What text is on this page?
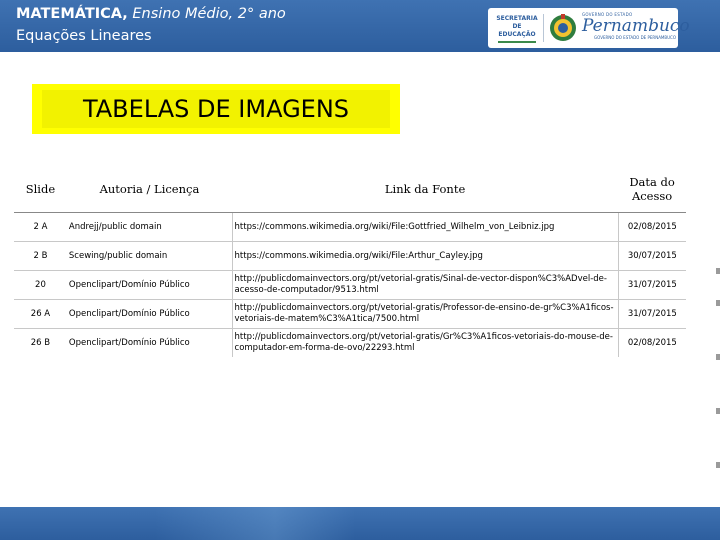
MATEMÁTICA, Ensino Médio, 2° ano
Equações Lineares
SECRETARIA
DE EDUCAÇÃO
GOVERNO DO ESTADO
Pernambuco
GOVERNO DO ESTADO DE PERNAMBUCO
TABELAS DE IMAGENS
Slide	Autoria / Licença	Link da Fonte	Data do Acesso
2 A	Andrejj/public domain	https://commons.wikimedia.org/wiki/File:Gottfried_Wilhelm_von_Leibniz.jpg	02/08/2015
2 B	Scewing/public domain	https://commons.wikimedia.org/wiki/File:Arthur_Cayley.jpg	30/07/2015
20	Openclipart/Domínio Público	http://publicdomainvectors.org/pt/vetorial-gratis/Sinal-de-vector-dispon%C3%ADvel-de-acesso-de-computador/9513.html	31/07/2015
26 A	Openclipart/Domínio Público	http://publicdomainvectors.org/pt/vetorial-gratis/Professor-de-ensino-de-gr%C3%A1ficos-vetoriais-de-matem%C3%A1tica/7500.html	31/07/2015
26 B	Openclipart/Domínio Público	http://publicdomainvectors.org/pt/vetorial-gratis/Gr%C3%A1ficos-vetoriais-do-mouse-de-computador-em-forma-de-ovo/22293.html	02/08/2015
